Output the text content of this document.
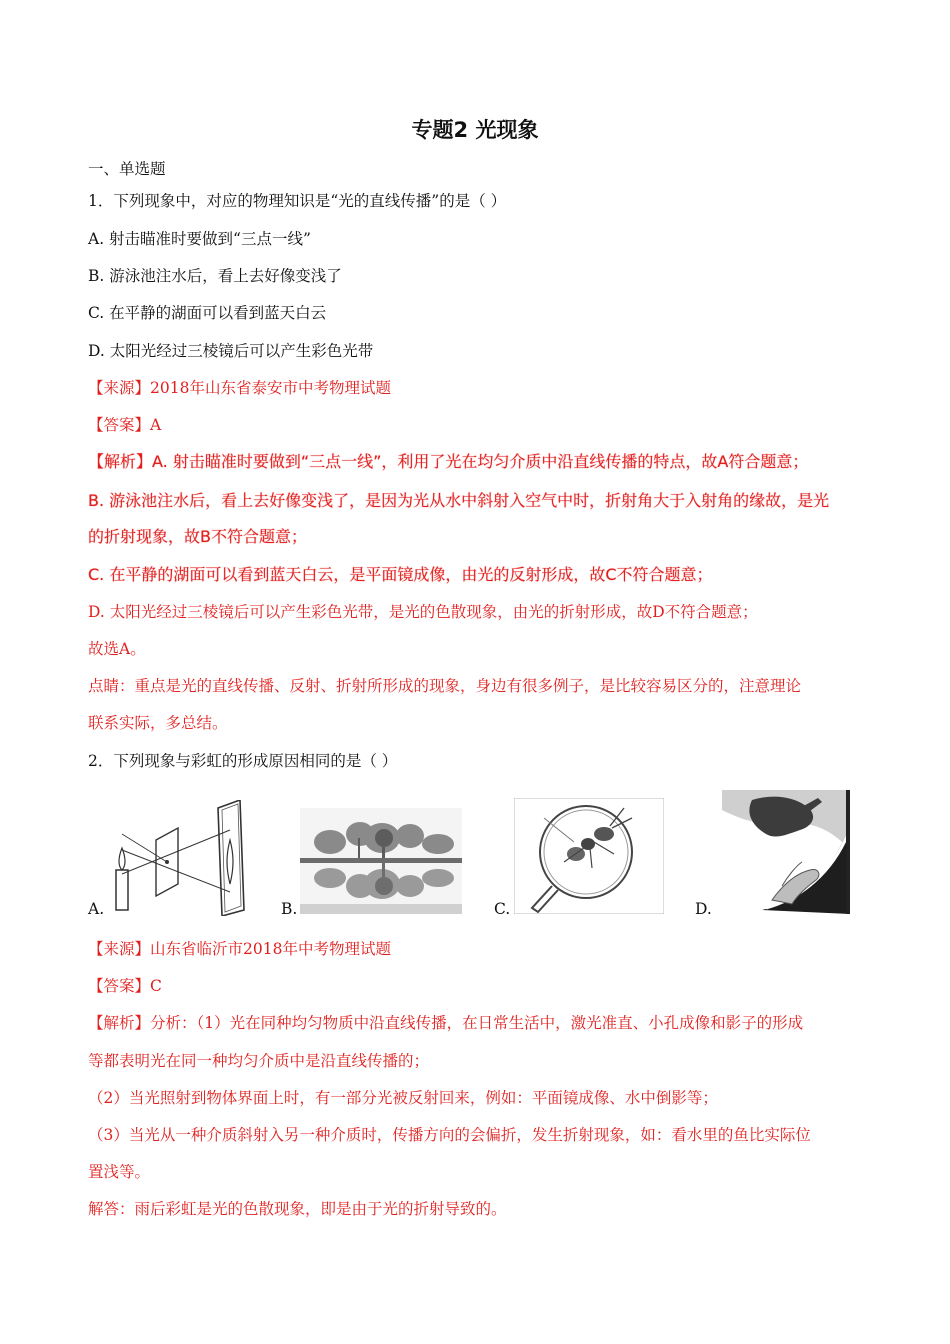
专题2 光现象
一、单选题
1．下列现象中，对应的物理知识是“光的直线传播”的是（ ）
A. 射击瞄准时要做到“三点一线”
B. 游泳池注水后，看上去好像变浅了
C. 在平静的湖面可以看到蓝天白云
D. 太阳光经过三棱镜后可以产生彩色光带
【来源】2018年山东省泰安市中考物理试题
【答案】A
【解析】A. 射击瞄准时要做到“三点一线”，利用了光在均匀介质中沿直线传播的特点，故A符合题意；
B. 游泳池注水后，看上去好像变浅了，是因为光从水中斜射入空气中时，折射角大于入射角的缘故，是光
的折射现象，故B不符合题意；
C. 在平静的湖面可以看到蓝天白云，是平面镜成像，由光的反射形成，故C不符合题意；
D. 太阳光经过三棱镜后可以产生彩色光带，是光的色散现象，由光的折射形成，故D不符合题意；
故选A。
点睛：重点是光的直线传播、反射、折射所形成的现象，身边有很多例子，是比较容易区分的，注意理论
联系实际，多总结。
2．下列现象与彩虹的形成原因相同的是（ ）
A.	B.	C.	D.
【来源】山东省临沂市2018年中考物理试题
【答案】C
【解析】分析：（1）光在同种均匀物质中沿直线传播，在日常生活中，激光准直、小孔成像和影子的形成
等都表明光在同一种均匀介质中是沿直线传播的；
（2）当光照射到物体界面上时，有一部分光被反射回来，例如：平面镜成像、水中倒影等；
（3）当光从一种介质斜射入另一种介质时，传播方向的会偏折，发生折射现象，如：看水里的鱼比实际位
置浅等。
解答：雨后彩虹是光的色散现象，即是由于光的折射导致的。
